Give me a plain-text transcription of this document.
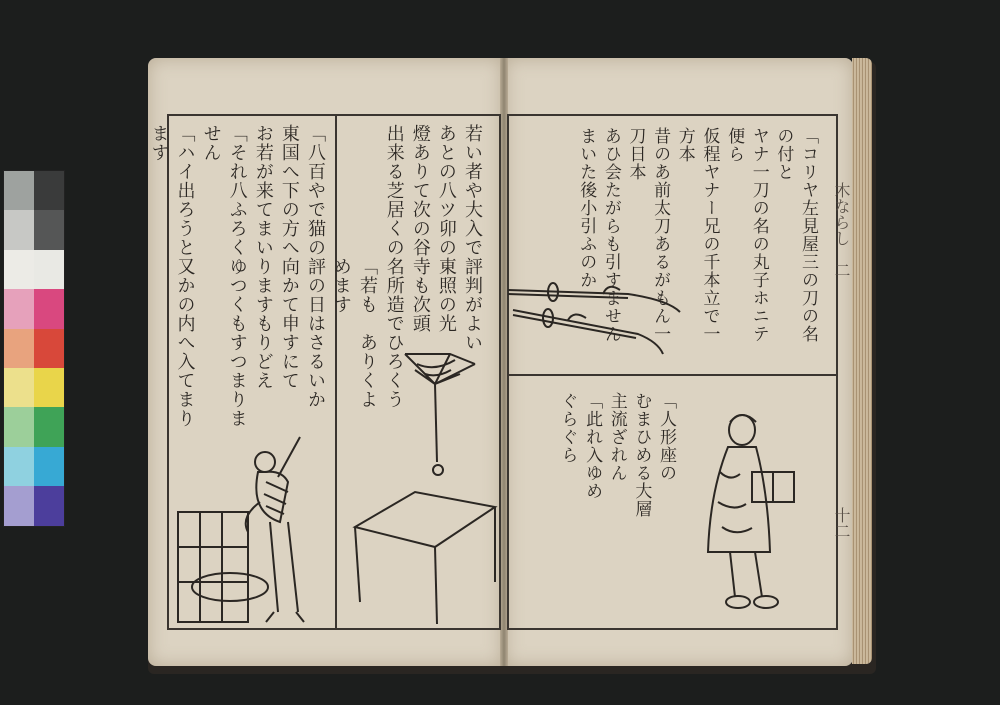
若い者や大入で評判がよい
あとの八ツ卯の東照の光
燈ありて次の谷寺も次頭
出来る芝居くの名所造でひろくう
「若も　ありくよめます
「八百やで猫の評の日はさるいか
東国へ下の方へ向かて申すにて
お若が来てまいりますもりどえ
「それ八ふろくゆつくもすつまりません
「ハイ出ろうと又かの内へ入てまります	「コリヤ左見屋三の刀の名の付と
ヤナ一刀の名の丸子ホニテ便ら
仮程ヤナー兄の千本立で一方本
昔のあ前太刀あるがもん一刀日本
あひ会たがらも引すません
まいた後小引ふのか
「人形座の
むまひめる大層
主流ざれん
「此れ入ゆめ
ぐらぐら
木ならし　二
十二
